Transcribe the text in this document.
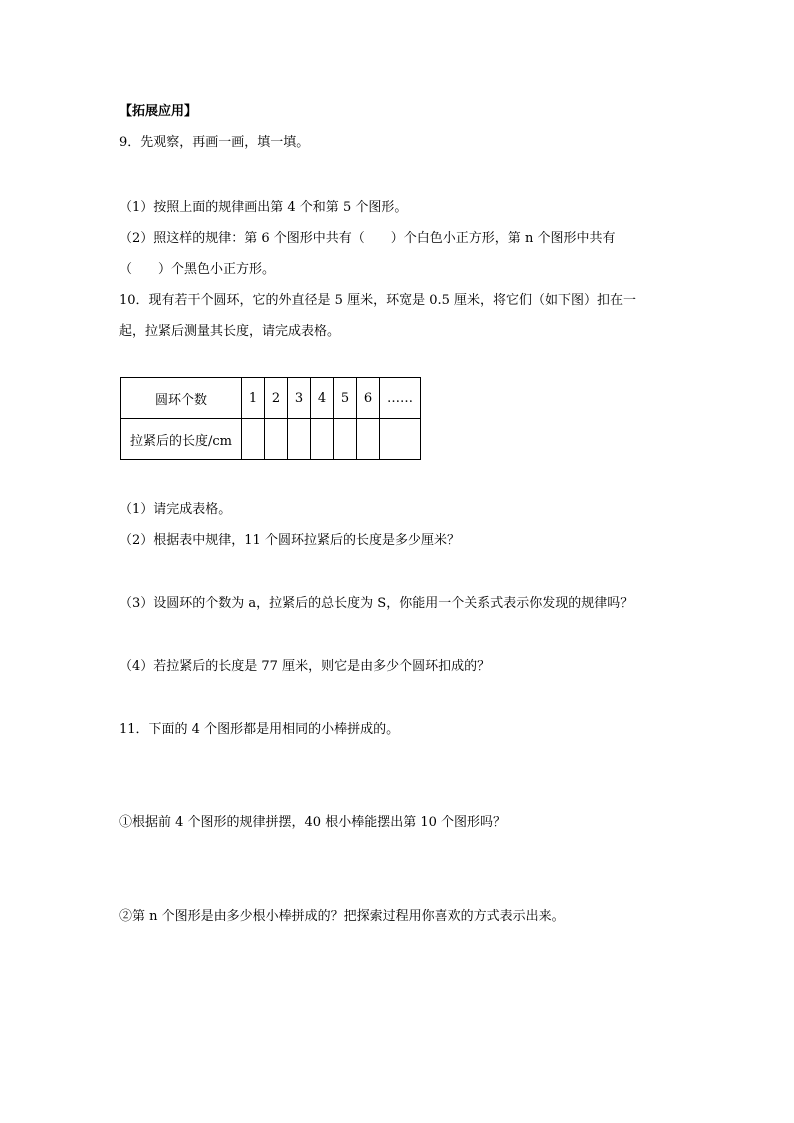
【拓展应用】
9．先观察，再画一画，填一填。
（1）按照上面的规律画出第 4 个和第 5 个图形。
（2）照这样的规律：第 6 个图形中共有（　　）个白色小正方形，第 n 个图形中共有
（　　）个黑色小正方形。
10．现有若干个圆环，它的外直径是 5 厘米，环宽是 0.5 厘米，将它们（如下图）扣在一
起，拉紧后测量其长度，请完成表格。
圆环个数	1	2	3	4	5	6	……
拉紧后的长度/cm							
（1）请完成表格。
（2）根据表中规律，11 个圆环拉紧后的长度是多少厘米？
（3）设圆环的个数为 a，拉紧后的总长度为 S，你能用一个关系式表示你发现的规律吗？
（4）若拉紧后的长度是 77 厘米，则它是由多少个圆环扣成的？
11．下面的 4 个图形都是用相同的小棒拼成的。
①根据前 4 个图形的规律拼摆，40 根小棒能摆出第 10 个图形吗？
②第 n 个图形是由多少根小棒拼成的？把探索过程用你喜欢的方式表示出来。
